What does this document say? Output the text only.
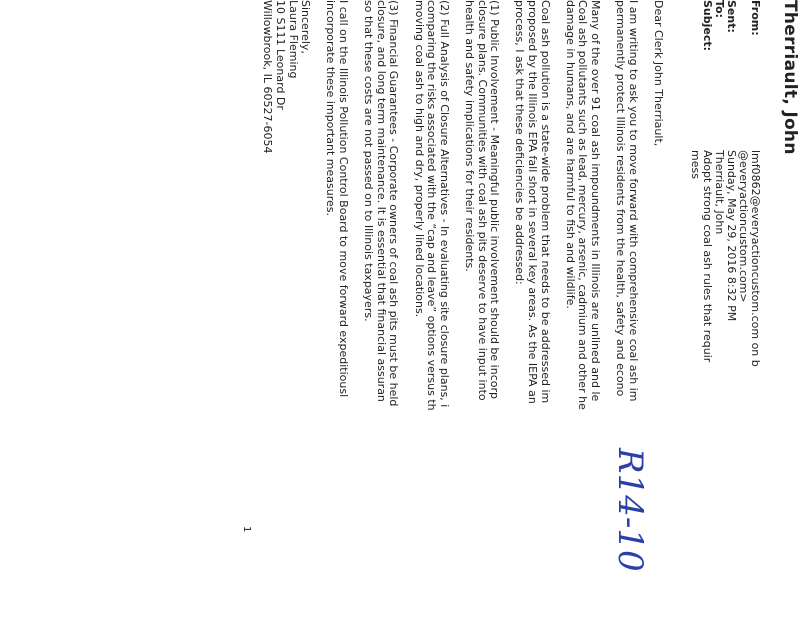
Therriault, John
From:
lmf0862@everyactioncustom.com on b
@everyactioncustom.com>
Sent:
Sunday, May 29, 2016 8:32 PM
To:
Therriault, John
Subject:
Adopt strong coal ash rules that requir
mess
Dear Clerk John Therriault,
I am writing to ask you to move forward with comprehensive coal ash im
permanently protect Illinois residents from the health, safety and econo
Many of the over 91 coal ash impoundments in Illinois are unlined and le
Coal ash pollutants such as lead, mercury, arsenic, cadmium and other he
damage in humans, and are harmful to fish and wildlife.
Coal ash pollution is a state-wide problem that needs to be addressed im
proposed by the Illinois EPA fall short in several key areas. As the IEPA an
process, I ask that these deficiencies be addressed:
(1) Public Involvement - Meaningful public involvement should be incorp
closure plans. Communities with coal ash pits deserve to have input into
health and safety implications for their residents.
(2) Full Analysis of Closure Alternatives - In evaluating site closure plans, i
comparing the risks associated with the “cap and leave” options versus th
moving coal ash to high and dry, properly lined locations.
(3) Financial Guarantees - Corporate owners of coal ash pits must be held
closure, and long term maintenance. It is essential that financial assuran
so that these costs are not passed on to Illinois taxpayers.
I call on the Illinois Pollution Control Board to move forward expeditiousl
incorporate these important measures.
Sincerely,
Laura Fleming
10 S111 Leonard Dr
Willowbrook, IL 60527-6054
R14-10
1
